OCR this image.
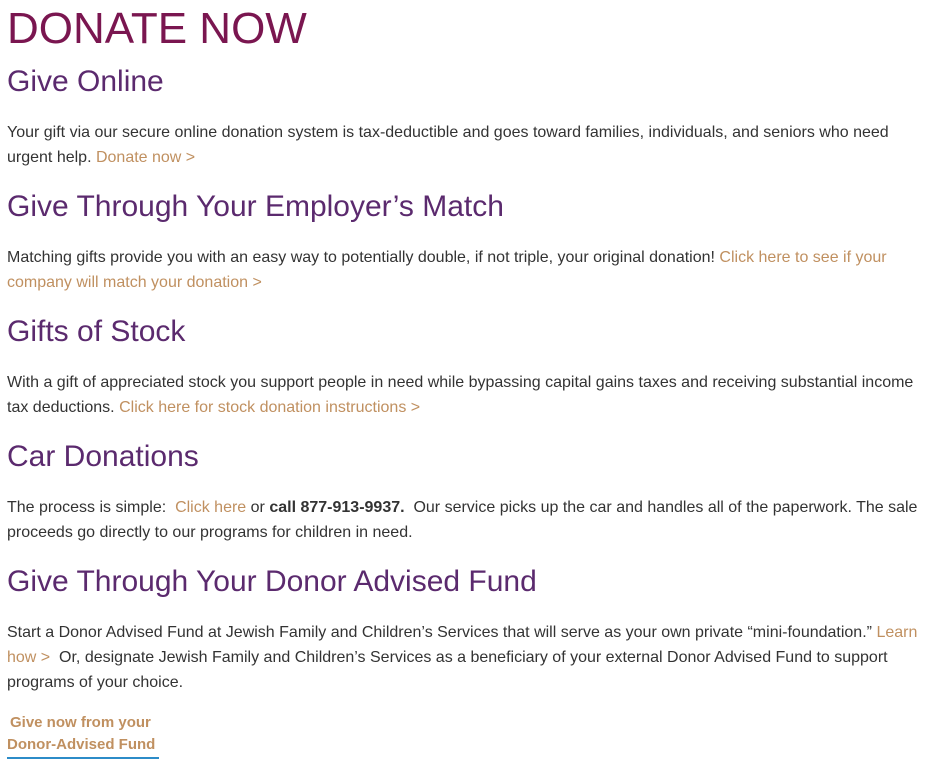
DONATE NOW
Give Online

Your gift via our secure online donation system is tax-deductible and goes toward families, individuals, and seniors who need urgent help. Donate now >

Give Through Your Employer’s Match

Matching gifts provide you with an easy way to potentially double, if not triple, your original donation! Click here to see if your company will match your donation >

Gifts of Stock

With a gift of appreciated stock you support people in need while bypassing capital gains taxes and receiving substantial income tax deductions. Click here for stock donation instructions >

Car Donations

The process is simple: Click here or call 877-913-9937. Our service picks up the car and handles all of the paperwork. The sale proceeds go directly to our programs for children in need.

Give Through Your Donor Advised Fund

Start a Donor Advised Fund at Jewish Family and Children’s Services that will serve as your own private “mini-foundation.” Learn how > Or, designate Jewish Family and Children’s Services as a beneficiary of your external Donor Advised Fund to support programs of your choice.

Give now from your
Donor-Advised Fund
